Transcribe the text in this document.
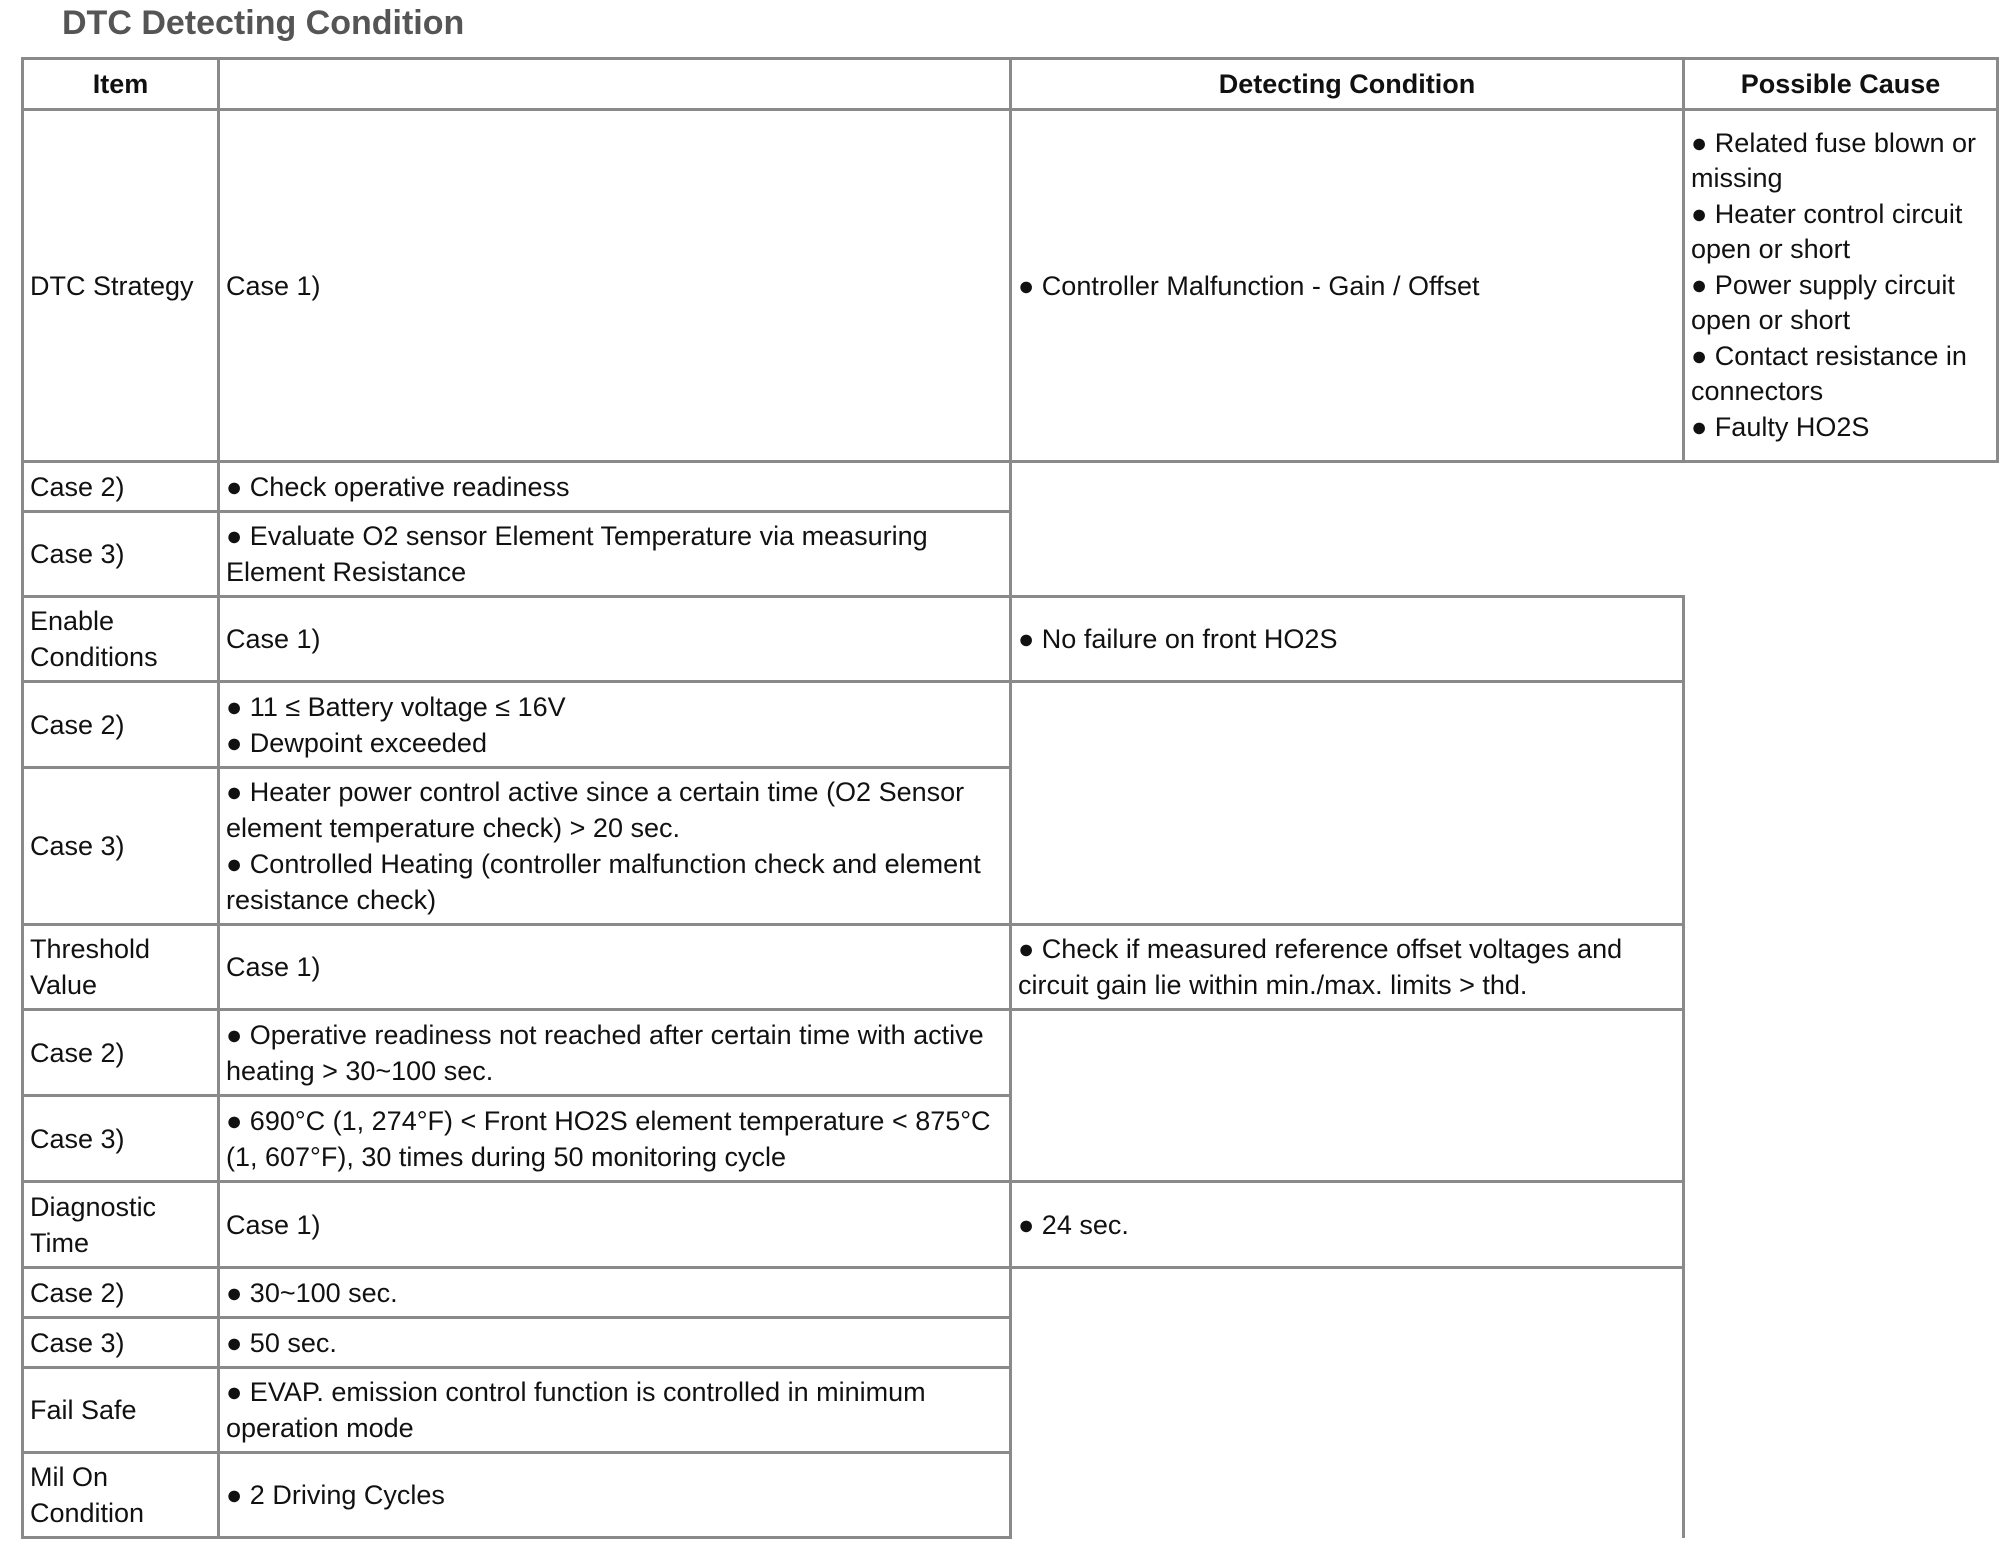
DTC Detecting Condition
Item		Detecting Condition	Possible Cause
DTC Strategy	Case 1)	● Controller Malfunction - Gain / Offset	● Related fuse blown or missing
● Heater control circuit open or short
● Power supply circuit open or short
● Contact resistance in connectors
● Faulty HO2S

Case 2)	● Check operative readiness		
Case 3)	● Evaluate O2 sensor Element Temperature via measuring Element Resistance		
Enable Conditions	Case 1)	● No failure on front HO2S	
Case 2)	● 11 ≤ Battery voltage ≤ 16V
● Dewpoint exceeded		

Case 3)	● Heater power control active since a certain time (O2 Sensor element temperature check) > 20 sec.
● Controlled Heating (controller malfunction check and element resistance check)		

Threshold Value	Case 1)	● Check if measured reference offset voltages and circuit gain lie within min./max. limits > thd.	
Case 2)	● Operative readiness not reached after certain time with active heating > 30~100 sec.		
Case 3)	● 690°C (1, 274°F) < Front HO2S element temperature < 875°C (1, 607°F), 30 times during 50 monitoring cycle		
Diagnostic Time	Case 1)	● 24 sec.	
Case 2)	● 30~100 sec.		
Case 3)	● 50 sec.		
Fail Safe	● EVAP. emission control function is controlled in minimum operation mode		
Mil On Condition	● 2 Driving Cycles		
